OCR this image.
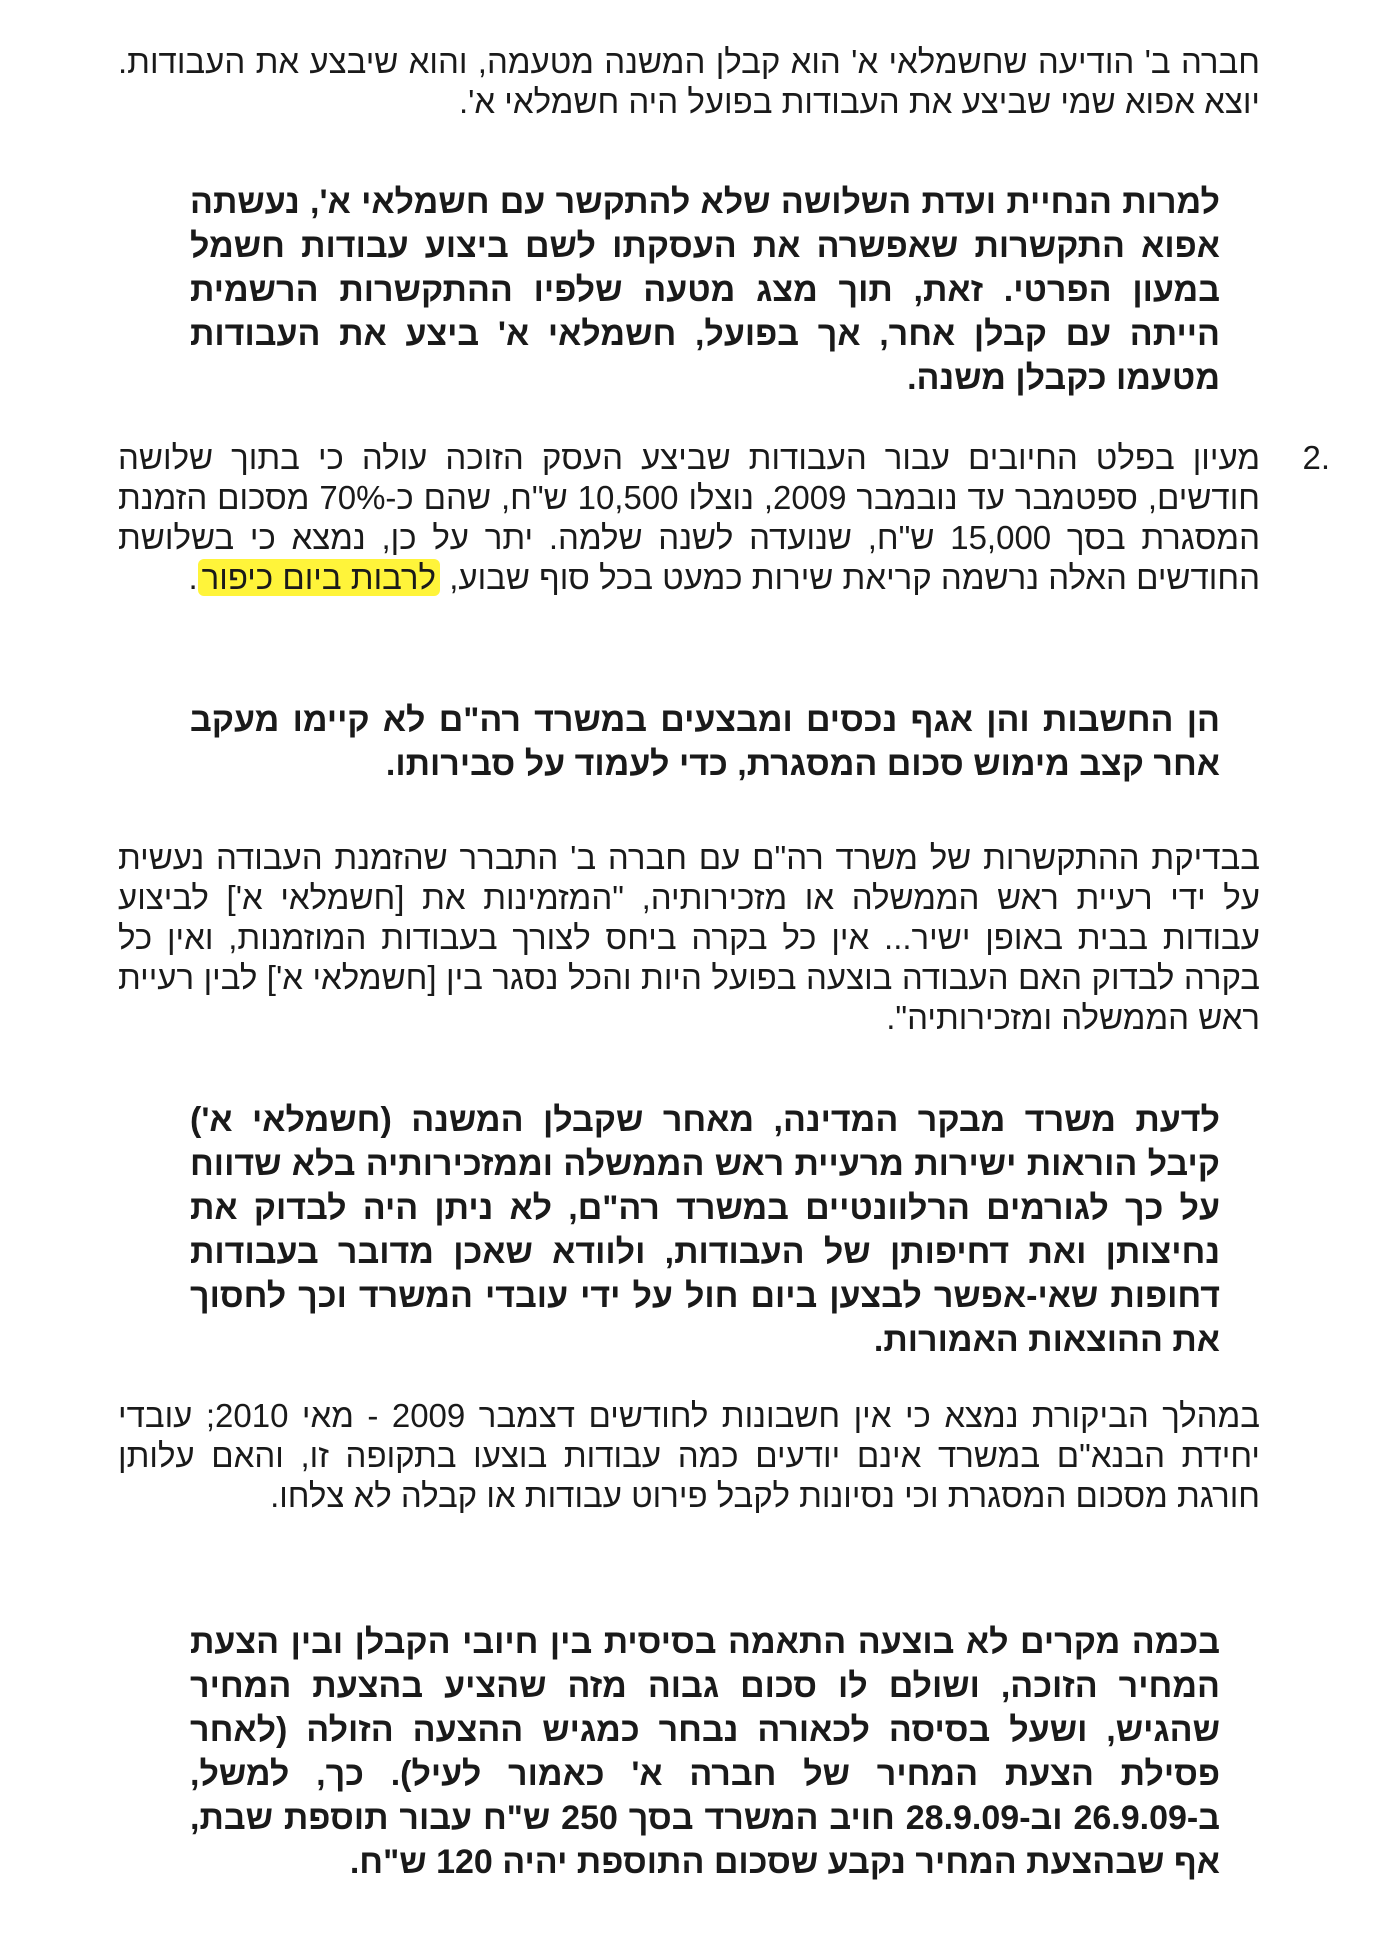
חברה ב' הודיעה שחשמלאי א' הוא קבלן המשנה מטעמה, והוא שיבצע את העבודות. יוצא אפוא שמי שביצע את העבודות בפועל היה חשמלאי א'.

למרות הנחיית ועדת השלושה שלא להתקשר עם חשמלאי א', נעשתה אפוא התקשרות שאפשרה את העסקתו לשם ביצוע עבודות חשמל במעון הפרטי. זאת, תוך מצג מטעה שלפיו ההתקשרות הרשמית הייתה עם קבלן אחר, אך בפועל, חשמלאי א' ביצע את העבודות מטעמו כקבלן משנה.

2.

מעיון בפלט החיובים עבור העבודות שביצע העסק הזוכה עולה כי בתוך שלושה חודשים, ספטמבר עד נובמבר 2009, נוצלו 10,500 ש"ח, שהם כ-70% מסכום הזמנת המסגרת בסך 15,000 ש"ח, שנועדה לשנה שלמה. יתר על כן, נמצא כי בשלושת החודשים האלה נרשמה קריאת שירות כמעט בכל סוף שבוע, לרבות ביום כיפור.

הן החשבות והן אגף נכסים ומבצעים במשרד רה"ם לא קיימו מעקב אחר קצב מימוש סכום המסגרת, כדי לעמוד על סבירותו.

בבדיקת ההתקשרות של משרד רה"ם עם חברה ב' התברר שהזמנת העבודה נעשית על ידי רעיית ראש הממשלה או מזכירותיה, "המזמינות את [חשמלאי א'] לביצוע עבודות בבית באופן ישיר... אין כל בקרה ביחס לצורך בעבודות המוזמנות, ואין כל בקרה לבדוק האם העבודה בוצעה בפועל היות והכל נסגר בין [חשמלאי א'] לבין רעיית ראש הממשלה ומזכירותיה".

לדעת משרד מבקר המדינה, מאחר שקבלן המשנה (חשמלאי א') קיבל הוראות ישירות מרעיית ראש הממשלה וממזכירותיה בלא שדווח על כך לגורמים הרלוונטיים במשרד רה"ם, לא ניתן היה לבדוק את נחיצותן ואת דחיפותן של העבודות, ולוודא שאכן מדובר בעבודות דחופות שאי-אפשר לבצען ביום חול על ידי עובדי המשרד וכך לחסוך את ההוצאות האמורות.

במהלך הביקורת נמצא כי אין חשבונות לחודשים דצמבר 2009 - מאי 2010; עובדי יחידת הבנא"ם במשרד אינם יודעים כמה עבודות בוצעו בתקופה זו, והאם עלותן חורגת מסכום המסגרת וכי נסיונות לקבל פירוט עבודות או קבלה לא צלחו.

בכמה מקרים לא בוצעה התאמה בסיסית בין חיובי הקבלן ובין הצעת המחיר הזוכה, ושולם לו סכום גבוה מזה שהציע בהצעת המחיר שהגיש, ושעל בסיסה לכאורה נבחר כמגיש ההצעה הזולה (לאחר פסילת הצעת המחיר של חברה א' כאמור לעיל). כך, למשל, ב-26.9.09 וב-28.9.09 חויב המשרד בסך 250 ש"ח עבור תוספת שבת, אף שבהצעת המחיר נקבע שסכום התוספת יהיה 120 ש"ח.
